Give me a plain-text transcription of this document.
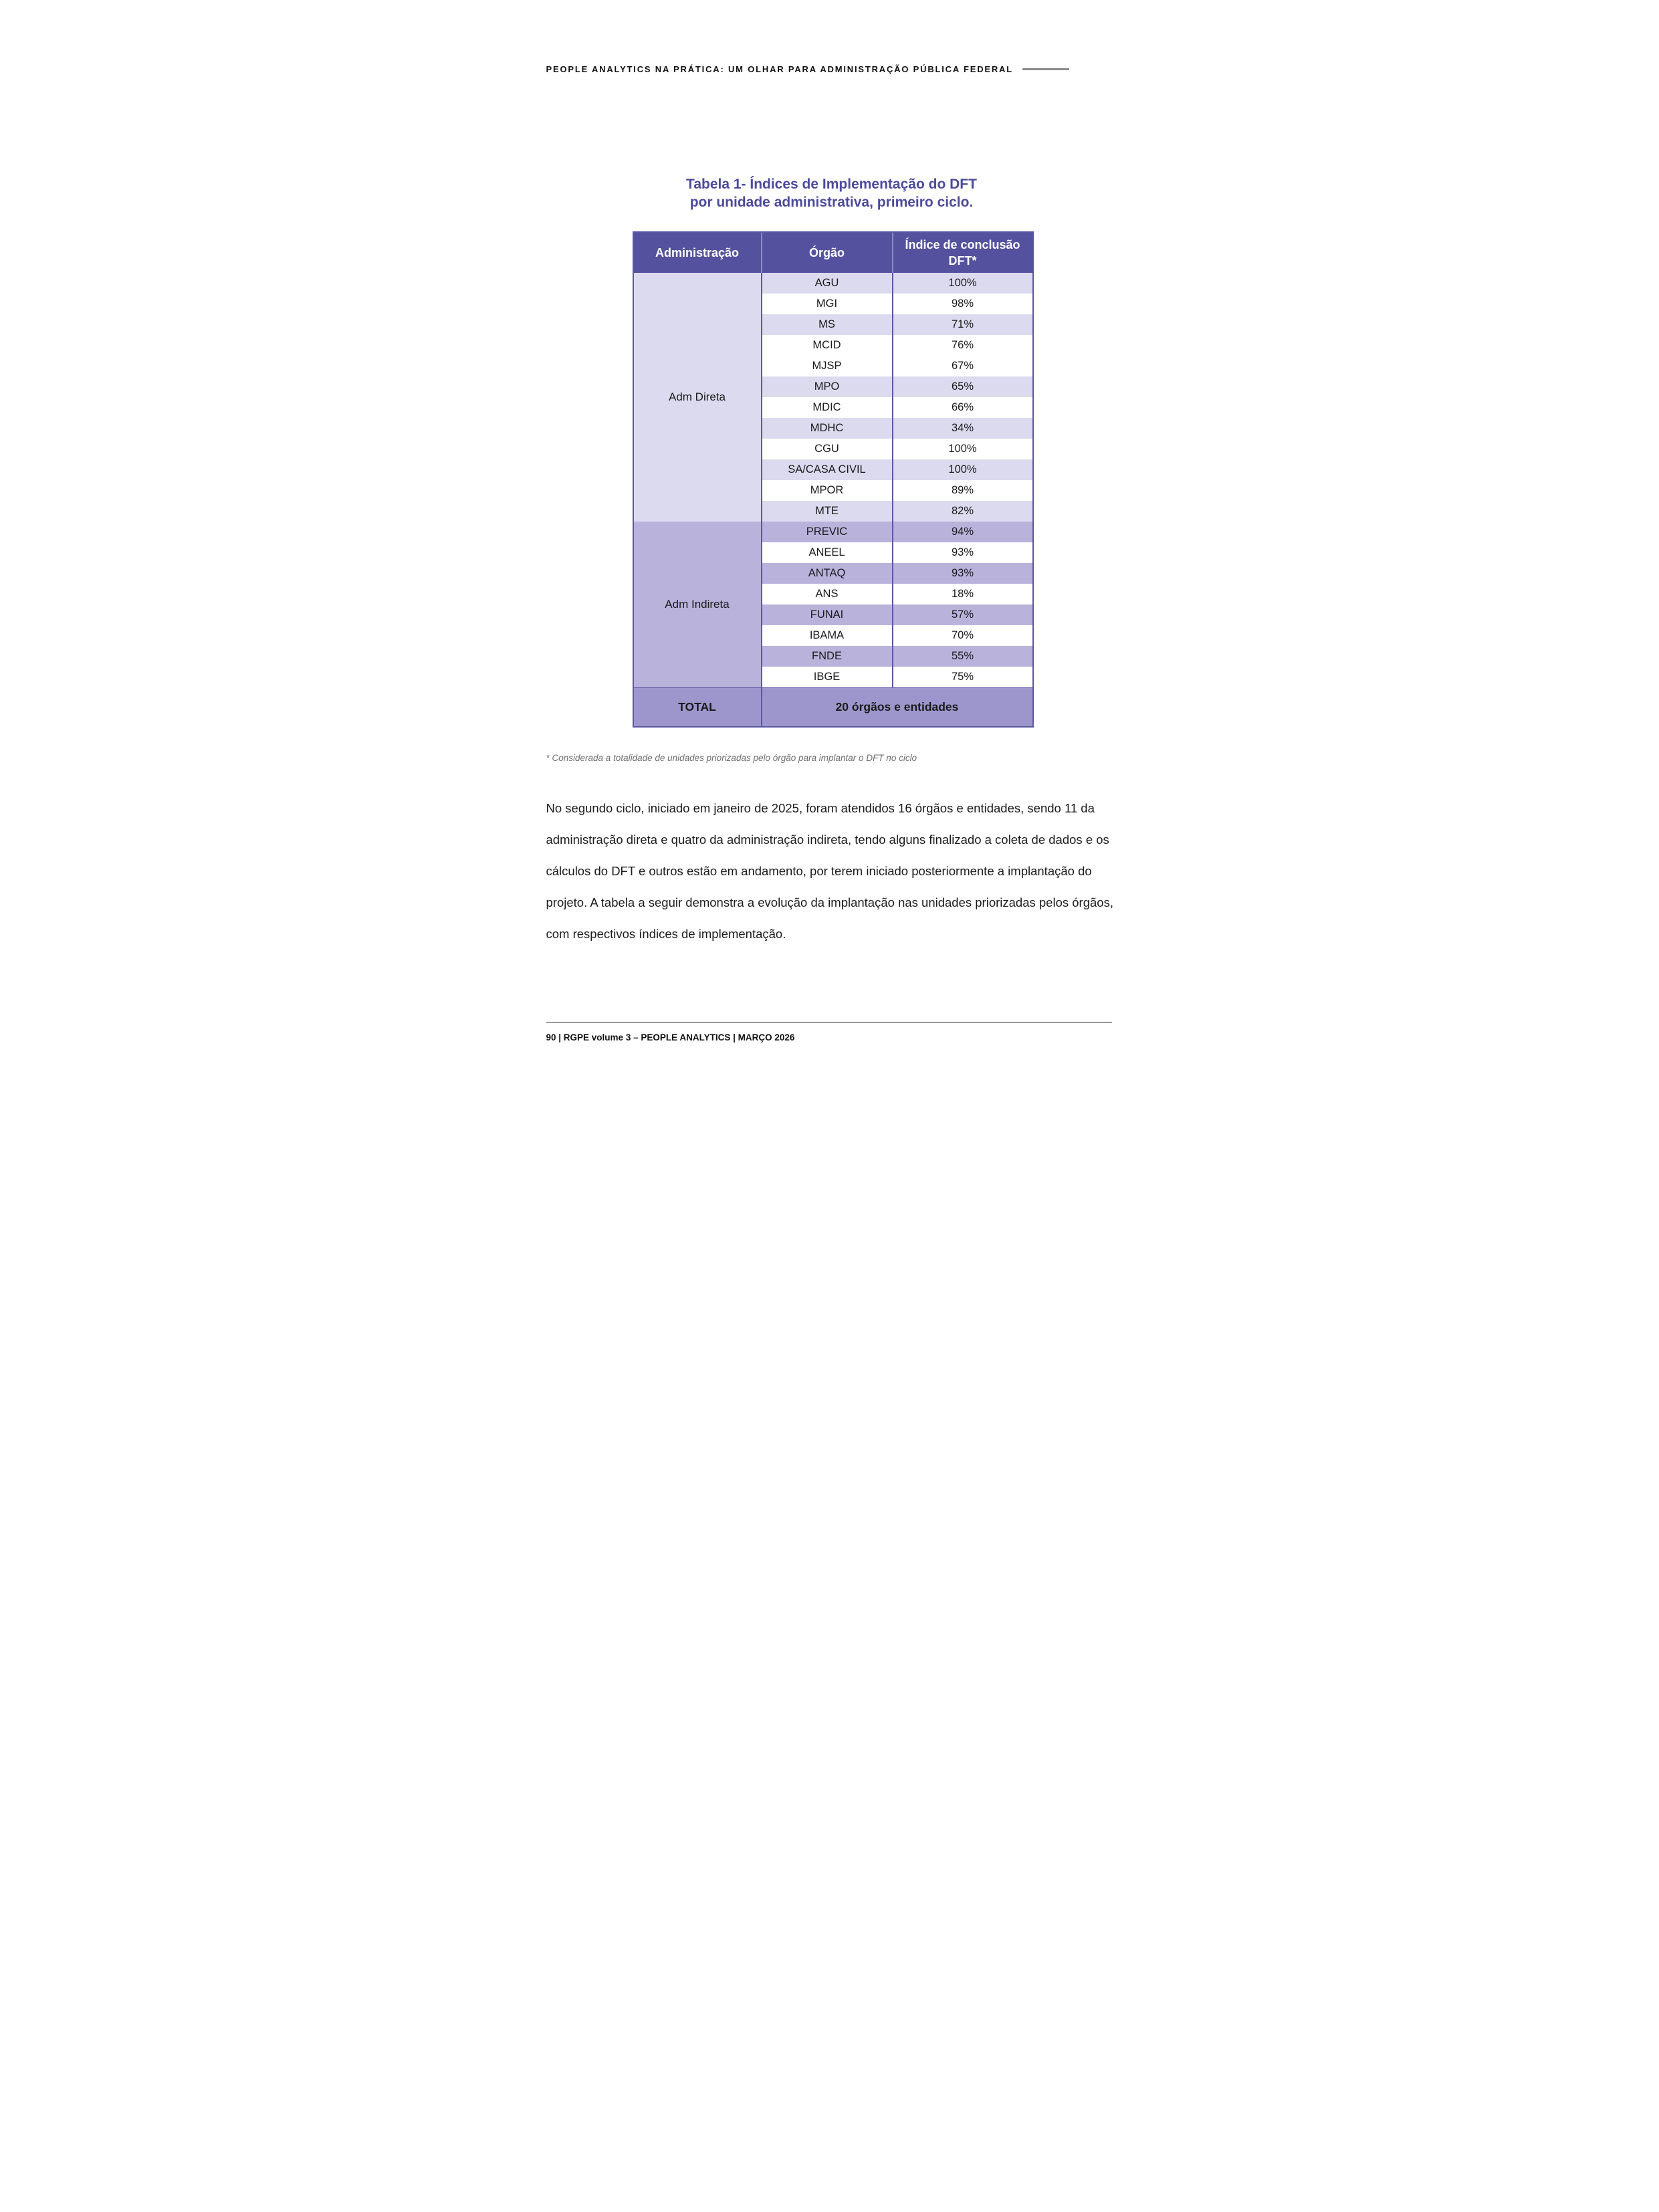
PEOPLE ANALYTICS NA PRÁTICA: UM OLHAR PARA ADMINISTRAÇÃO PÚBLICA FEDERAL
Tabela 1- Índices de Implementação do DFT
por unidade administrativa, primeiro ciclo.
Administração	Órgão	Índice de conclusão DFT*
Adm Direta	AGU	100%
	MGI	98%
	MS	71%
	MCID	76%
	MJSP	67%
	MPO	65%
	MDIC	66%
	MDHC	34%
	CGU	100%
	SA/CASA CIVIL	100%
	MPOR	89%
	MTE	82%
Adm Indireta	PREVIC	94%
	ANEEL	93%
	ANTAQ	93%
	ANS	18%
	FUNAI	57%
	IBAMA	70%
	FNDE	55%
	IBGE	75%
TOTAL	20 órgãos e entidades	
* Considerada a totalidade de unidades priorizadas pelo órgão para implantar o DFT no ciclo

No segundo ciclo, iniciado em janeiro de 2025, foram atendidos 16 órgãos e entidades, sendo 11 da administração direta e quatro da administração indireta, tendo alguns finalizado a coleta de dados e os cálculos do DFT e outros estão em andamento, por terem iniciado posteriormente a implantação do projeto. A tabela a seguir demonstra a evolução da implantação nas unidades priorizadas pelos órgãos, com respectivos índices de implementação.

90 | RGPE volume 3 – PEOPLE ANALYTICS | MARÇO 2026
